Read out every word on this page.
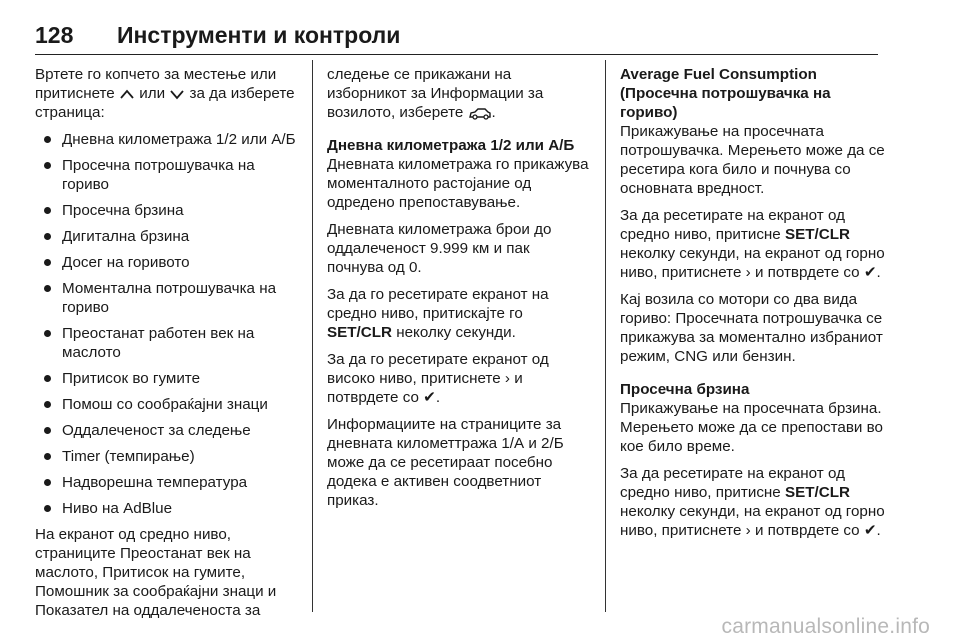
128	Инструменти и контроли

Вртете го копчето за местење или притиснете или за да изберете страница:

Дневна километража 1/2 или А/Б
Просечна потрошувачка на гориво
Просечна брзина
Дигитална брзина
Досег на горивото
Моментална потрошувачка на гориво
Преостанат работен век на маслото
Притисок во гумите
Помош со сообраќајни знаци
Оддалеченост за следење
Timer (темпирање)
Надворешна температура
Ниво на AdBlue

На екранот од средно ниво, страниците Преостанат век на маслото, Притисок на гумите, Помошник за сообраќајни знаци и Показател на оддалеченоста за

следење се прикажани на изборникот за Информации за возилото, изберете .

Дневна километража 1/2 или А/Б

Дневната километража го прикажува моменталното растојание од одредено препоставување.

Дневната километража брои до оддалеченост 9.999 км и пак почнува од 0.

За да го ресетирате екранот на средно ниво, притискајте го SET/CLR неколку секунди.

За да го ресетирате екранот од високо ниво, притиснете › и потврдете со ✔.

Информациите на страниците за дневната километтража 1/А и 2/Б може да се ресетираат посебно додека е активен соодветниот приказ.

Average Fuel Consumption (Просечна потрошувачка на гориво)

Прикажување на просечната потрошувачка. Мерењето може да се ресетира кога било и почнува со основната вредност.

За да ресетирате на екранот од средно ниво, притисне SET/CLR неколку секунди, на екранот од горно ниво, притиснете › и потврдете со ✔.

Кај возила со мотори со два вида гориво: Просечната потрошувачка се прикажува за моментално избраниот режим, CNG или бензин.

Просечна брзина

Прикажување на просечната брзина. Мерењето може да се препостави во кое било време.

За да ресетирате на екранот од средно ниво, притисне SET/CLR неколку секунди, на екранот од горно ниво, притиснете › и потврдете со ✔.

carmanualsonline.info
